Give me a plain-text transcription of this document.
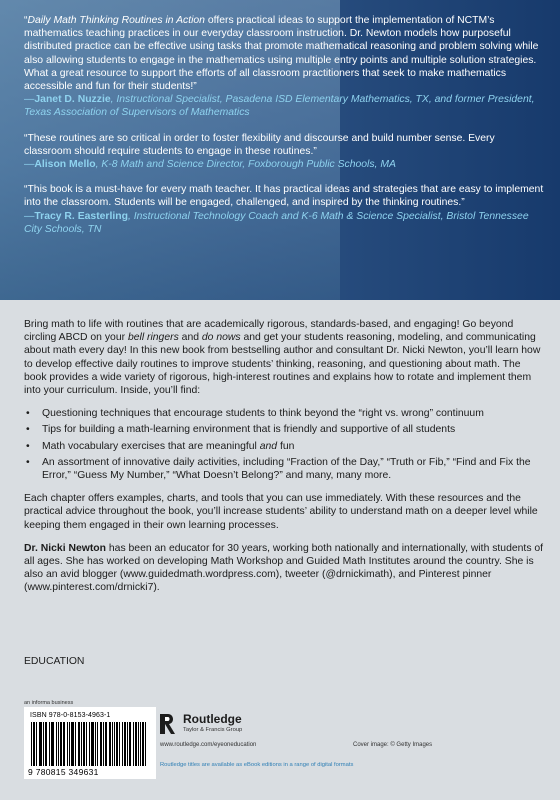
“Daily Math Thinking Routines in Action offers practical ideas to support the implementation of NCTM’s mathematics teaching practices in our everyday classroom instruction. Dr. Newton models how purposeful distributed practice can be effective using tasks that promote mathematical reasoning and problem solving while also allowing students to engage in the mathematics using multiple entry points and multiple solution strategies. What a great resource to support the efforts of all classroom practitioners that seek to make mathematics accessible and fun for their students!”
—Janet D. Nuzzie, Instructional Specialist, Pasadena ISD Elementary Mathematics, TX, and former President, Texas Association of Supervisors of Mathematics

“These routines are so critical in order to foster flexibility and discourse and build number sense. Every classroom should require students to engage in these routines.”
—Alison Mello, K-8 Math and Science Director, Foxborough Public Schools, MA

“This book is a must-have for every math teacher. It has practical ideas and strategies that are easy to implement into the classroom. Students will be engaged, challenged, and inspired by the thinking routines.”
—Tracy R. Easterling, Instructional Technology Coach and K-6 Math & Science Specialist, Bristol Tennessee City Schools, TN

Bring math to life with routines that are academically rigorous, standards-based, and engaging! Go beyond circling ABCD on your bell ringers and do nows and get your students reasoning, modeling, and communicating about math every day! In this new book from bestselling author and consultant Dr. Nicki Newton, you’ll learn how to develop effective daily routines to improve students’ thinking, reasoning, and questioning about math. The book provides a wide variety of rigorous, high-interest routines and explains how to rotate and implement them into your curriculum. Inside, you’ll find:

• Questioning techniques that encourage students to think beyond the “right vs. wrong” continuum
• Tips for building a math-learning environment that is friendly and supportive of all students
• Math vocabulary exercises that are meaningful and fun
• An assortment of innovative daily activities, including “Fraction of the Day,” “Truth or Fib,” “Find and Fix the Error,” “Guess My Number,” “What Doesn’t Belong?” and many, many more.

Each chapter offers examples, charts, and tools that you can use immediately. With these resources and the practical advice throughout the book, you’ll increase students’ ability to understand math on a deeper level while keeping them engaged in their own learning processes.

Dr. Nicki Newton has been an educator for 30 years, working both nationally and internationally, with students of all ages. She has worked on developing Math Workshop and Guided Math Institutes around the country. She is also an avid blogger (www.guidedmath.wordpress.com), tweeter (@drnickimath), and Pinterest pinner (www.pinterest.com/drnicki7).

EDUCATION
an informa business
ISBN 978-0-8153-4963-1
9 780815 349631
Routledge
Taylor & Francis Group
www.routledge.com/eyeoneducation	Cover image: © Getty Images
Routledge titles are available as eBook editions in a range of digital formats
